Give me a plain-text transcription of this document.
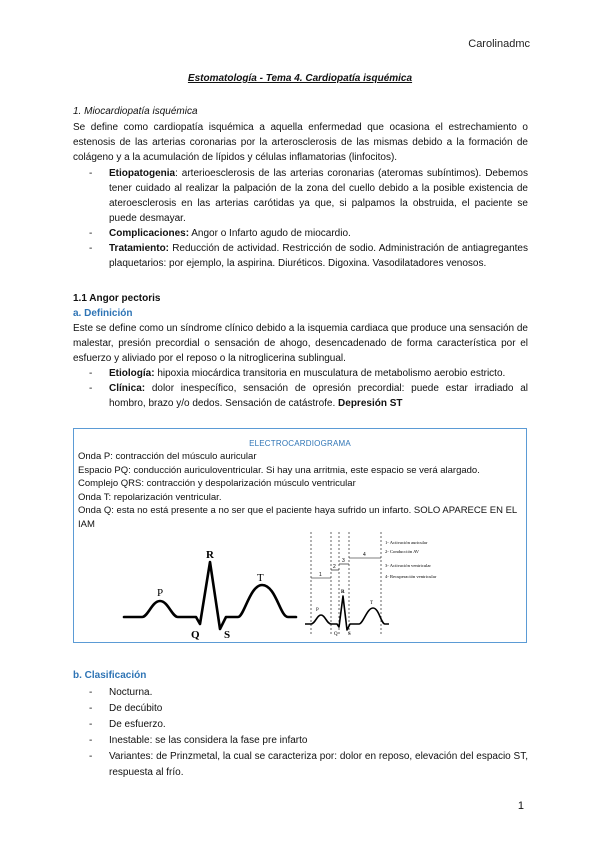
Carolinadmc
Estomatología - Tema 4. Cardiopatía isquémica

1. Miocardiopatía isquémica

Se define como cardiopatía isquémica a aquella enfermedad que ocasiona el estrechamiento o estenosis de las arterias coronarias por la arterosclerosis de las mismas debido a la formación de colágeno y a la acumulación de lípidos y células inflamatorias (linfocitos).

- Etiopatogenia: arterioesclerosis de las arterias coronarias (ateromas subíntimos). Debemos tener cuidado al realizar la palpación de la zona del cuello debido a la posible existencia de ateroesclerosis en las arterias carótidas ya que, si palpamos la obstruida, el paciente se puede desmayar.
- Complicaciones: Angor o Infarto agudo de miocardio.
- Tratamiento: Reducción de actividad. Restricción de sodio. Administración de antiagregantes plaquetarios: por ejemplo, la aspirina. Diuréticos. Digoxina. Vasodilatadores venosos.

1.1 Angor pectoris

a. Definición

Este se define como un síndrome clínico debido a la isquemia cardiaca que produce una sensación de malestar, presión precordial o sensación de ahogo, desencadenado de forma característica por el esfuerzo y aliviado por el reposo o la nitroglicerina sublingual.

- Etiología: hipoxia miocárdica transitoria en musculatura de metabolismo aerobio estricto.
- Clínica: dolor inespecífico, sensación de opresión precordial: puede estar irradiado al hombro, brazo y/o dedos. Sensación de catástrofe. Depresión ST
ELECTROCARDIOGRAMA
Onda P: contracción del músculo auricular
Espacio PQ: conducción auriculoventricular. Si hay una arritmia, este espacio se verá alargado.
Complejo QRS: contracción y despolarización músculo ventricular
Onda T: repolarización ventricular.
Onda Q: esta no está presente a no ser que el paciente haya sufrido un infarto. SOLO APARECE EN EL IAM
P
R
T
Q S
1
2
3
4
P
R
T
Q S
1- Activación auricular
2- Conducción AV
3- Activación ventricular
4- Recuperación ventricular

b. Clasificación

- Nocturna.
- De decúbito
- De esfuerzo.
- Inestable: se las considera la fase pre infarto
- Variantes: de Prinzmetal, la cual se caracteriza por: dolor en reposo, elevación del espacio ST, respuesta al frío.
1
